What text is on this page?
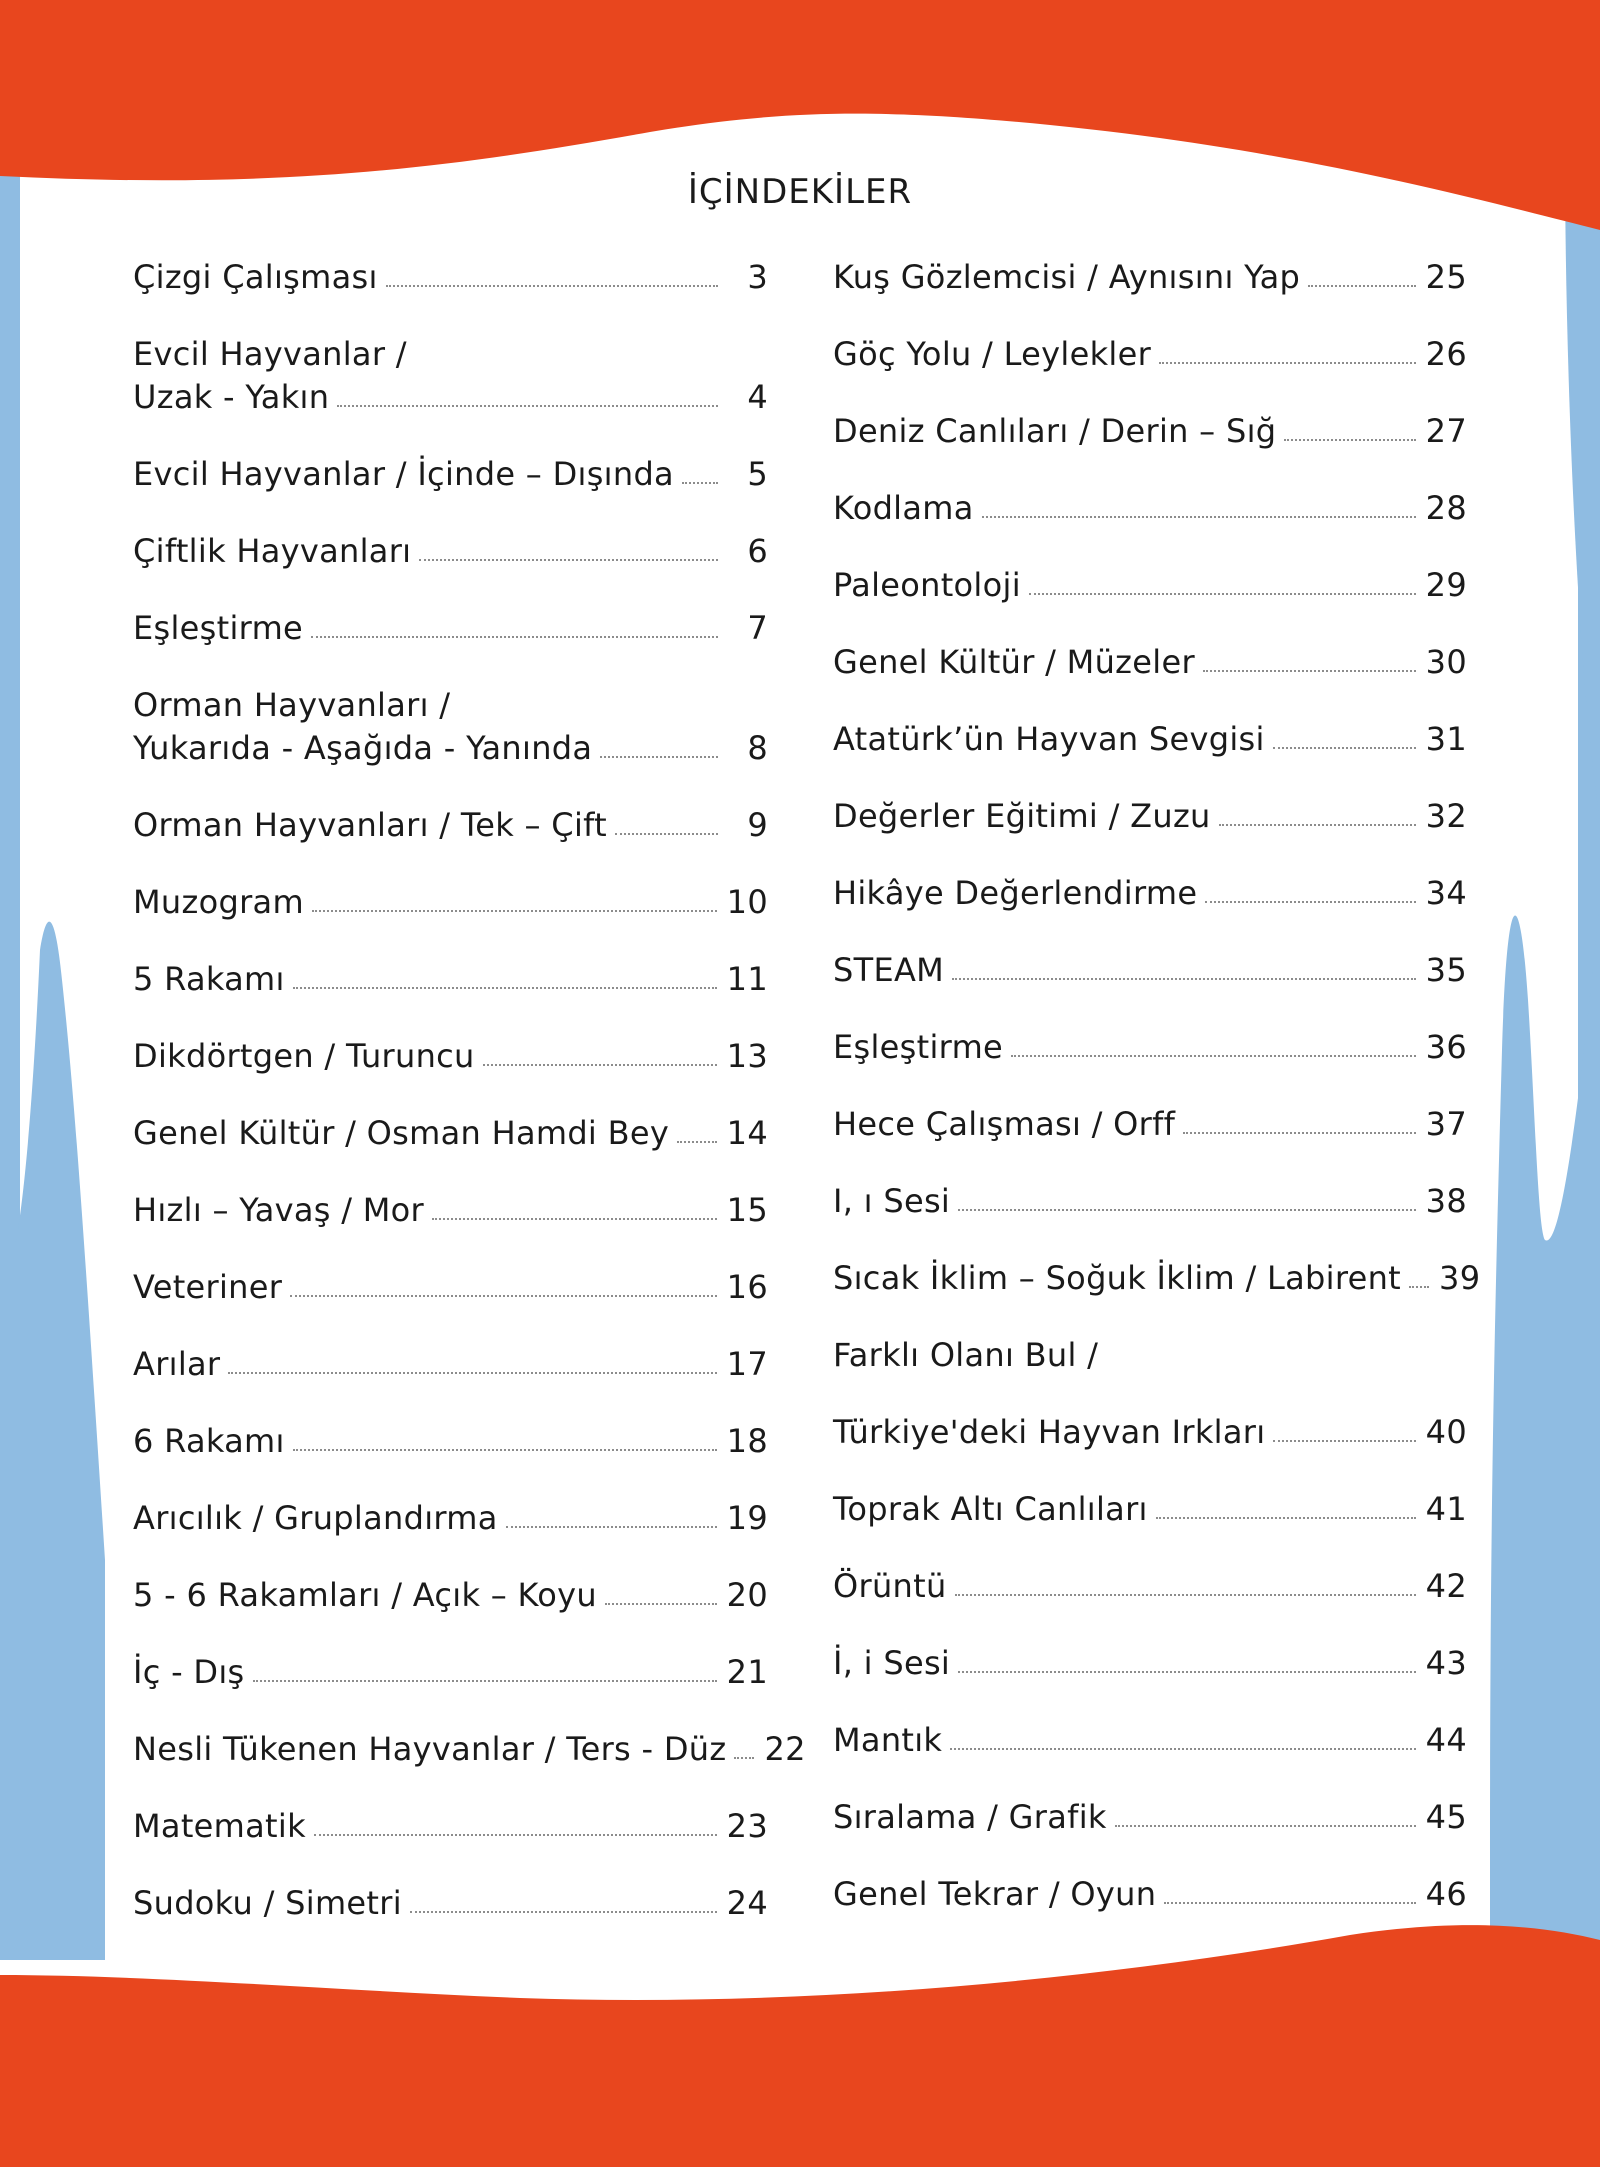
İÇİNDEKİLER
Çizgi Çalışması	3
Evcil Hayvanlar /
Uzak - Yakın	4
Evcil Hayvanlar / İçinde – Dışında	5
Çiftlik Hayvanları	6
Eşleştirme	7
Orman Hayvanları /
Yukarıda - Aşağıda - Yanında	8
Orman Hayvanları / Tek – Çift	9
Muzogram	10
5 Rakamı	11
Dikdörtgen / Turuncu	13
Genel Kültür / Osman Hamdi Bey 14
Hızlı – Yavaş / Mor	15
Veteriner	16
Arılar	17
6 Rakamı	18
Arıcılık / Gruplandırma	19
5 - 6 Rakamları / Açık – Koyu	20
İç - Dış	21
Nesli Tükenen Hayvanlar / Ters - Düz 22
Matematik	23
Sudoku / Simetri	24
Kuş Gözlemcisi / Aynısını Yap	25
Göç Yolu / Leylekler	26
Deniz Canlıları / Derin – Sığ	27
Kodlama	28
Paleontoloji	29
Genel Kültür / Müzeler	30
Atatürk’ün Hayvan Sevgisi	31
Değerler Eğitimi / Zuzu	32
Hikâye Değerlendirme	34
STEAM	35
Eşleştirme	36
Hece Çalışması / Orff	37
I, ı Sesi	38
Sıcak İklim – Soğuk İklim / Labirent 39
Farklı Olanı Bul /
Türkiye'deki Hayvan Irkları	40
Toprak Altı Canlıları	41
Örüntü	42
İ, i Sesi	43
Mantık	44
Sıralama / Grafik	45
Genel Tekrar / Oyun	46
